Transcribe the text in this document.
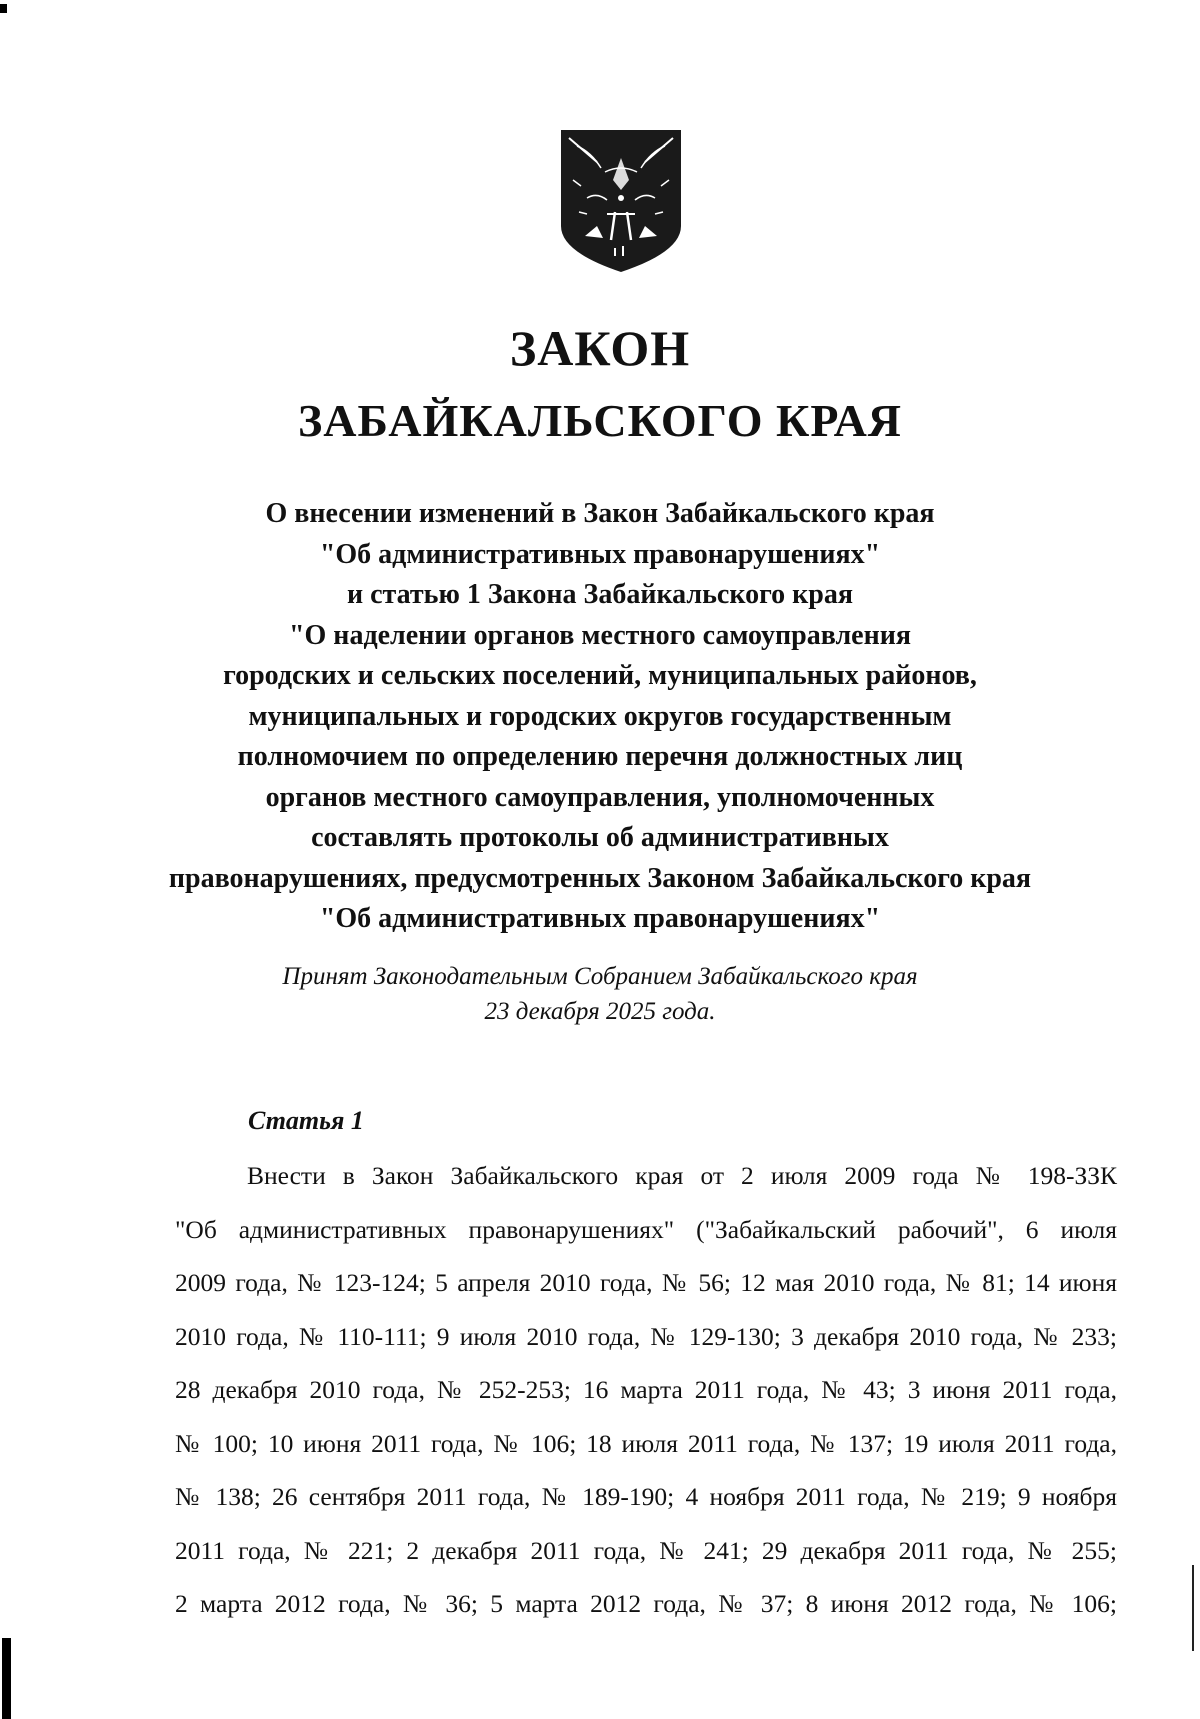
ЗАКОН
ЗАБАЙКАЛЬСКОГО КРАЯ

О внесении изменений в Закон Забайкальского края
"Об административных правонарушениях"
и статью 1 Закона Забайкальского края
"О наделении органов местного самоуправления
городских и сельских поселений, муниципальных районов,
муниципальных и городских округов государственным
полномочием по определению перечня должностных лиц
органов местного самоуправления, уполномоченных
составлять протоколы об административных
правонарушениях, предусмотренных Законом Забайкальского края
"Об административных правонарушениях"

Принят Законодательным Собранием Забайкальского края
23 декабря 2025 года.

Статья 1

Внести в Закон Забайкальского края от 2 июля 2009 года № 198-ЗЗК
"Об административных правонарушениях" ("Забайкальский рабочий", 6 июля
2009 года, № 123-124; 5 апреля 2010 года, № 56; 12 мая 2010 года, № 81; 14 июня
2010 года, № 110-111; 9 июля 2010 года, № 129-130; 3 декабря 2010 года, № 233;
28 декабря 2010 года, № 252-253; 16 марта 2011 года, № 43; 3 июня 2011 года,
№ 100; 10 июня 2011 года, № 106; 18 июля 2011 года, № 137; 19 июля 2011 года,
№ 138; 26 сентября 2011 года, № 189-190; 4 ноября 2011 года, № 219; 9 ноября
2011 года, № 221; 2 декабря 2011 года, № 241; 29 декабря 2011 года, № 255;
2 марта 2012 года, № 36; 5 марта 2012 года, № 37; 8 июня 2012 года, № 106;
